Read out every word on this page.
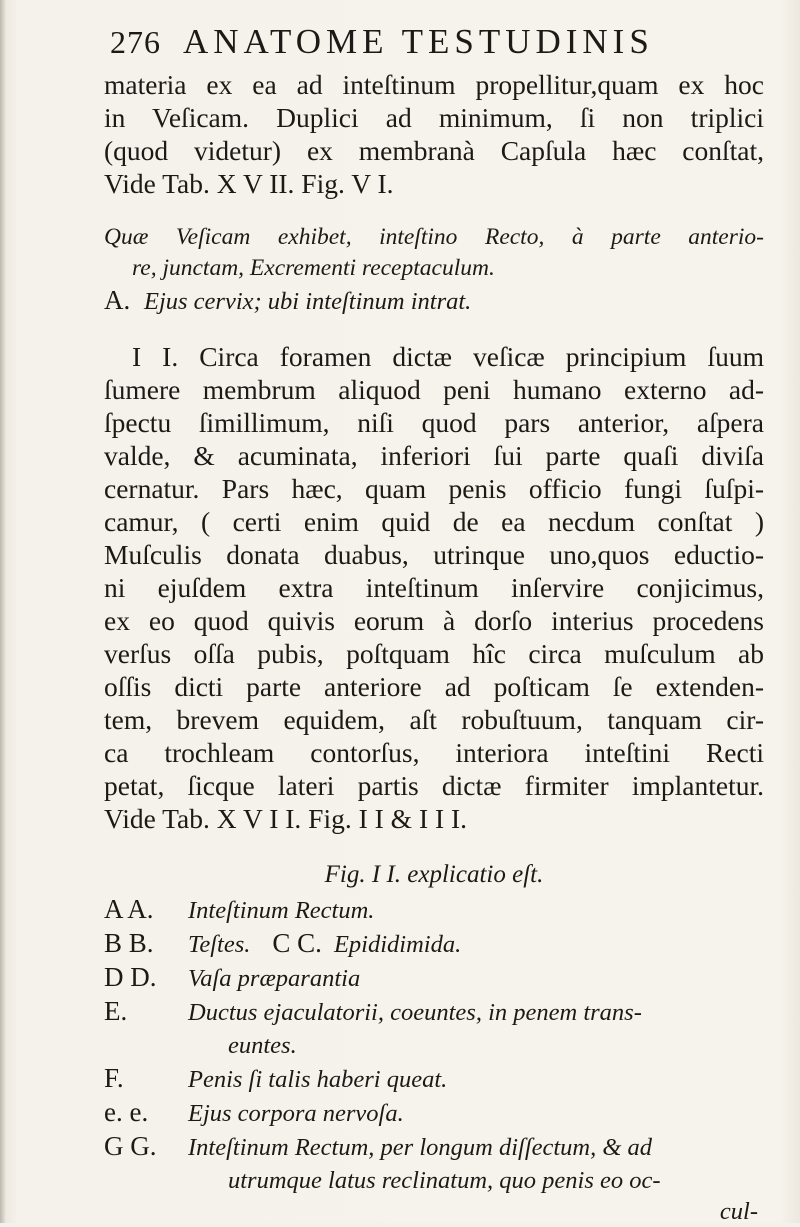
276 ANATOME TESTUDINIS
materia ex ea ad inteſtinum propellitur,quam ex hoc
in Veſicam. Duplici ad minimum, ſi non triplici
(quod videtur) ex membranà Capſula hæc conſtat,
Vide Tab. X V II. Fig. V I.
Quæ Veſicam exhibet, inteſtino Recto, à parte anterio-
re, junctam, Excrementi receptaculum.
A. Ejus cervix; ubi inteſtinum intrat.
I I. Circa foramen dictæ veſicæ principium ſuum
ſumere membrum aliquod peni humano externo ad-
ſpectu ſimillimum, niſi quod pars anterior, aſpera
valde, & acuminata, inferiori ſui parte quaſi diviſa
cernatur. Pars hæc, quam penis officio fungi ſuſpi-
camur, ( certi enim quid de ea necdum conſtat )
Muſculis donata duabus, utrinque uno,quos eductio-
ni ejuſdem extra inteſtinum inſervire conjicimus,
ex eo quod quivis eorum à dorſo interius procedens
verſus oſſa pubis, poſtquam hîc circa muſculum ab
oſſis dicti parte anteriore ad poſticam ſe extenden-
tem, brevem equidem, aſt robuſtuum, tanquam cir-
ca trochleam contorſus, interiora inteſtini Recti
petat, ſicque lateri partis dictæ firmiter implantetur.
Vide Tab. X V I I. Fig. I I & I I I.
Fig. I I. explicatio eſt.
A A.	Inteſtinum Rectum.
B B.	Teſtes. C C. Epididimida.
D D.	Vaſa præparantia
E.	Ductus ejaculatorii, coeuntes, in penem trans-
euntes.
F.	Penis ſi talis haberi queat.
e. e.	Ejus corpora nervoſa.
G G.	Inteſtinum Rectum, per longum diſſectum, & ad
utrumque latus reclinatum, quo penis eo oc-
cul-
